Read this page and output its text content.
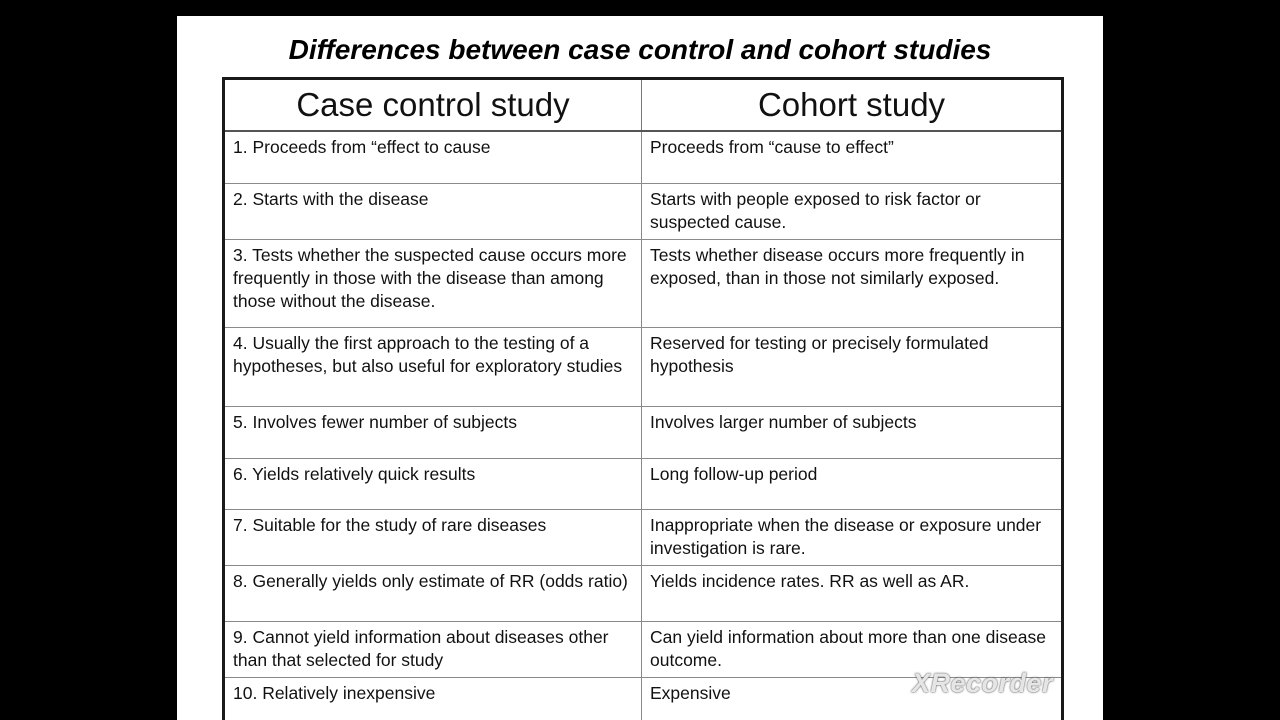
Differences between case control and cohort studies
Case control study	Cohort study
1. Proceeds from “effect to cause	Proceeds from “cause to effect”
2. Starts with the disease	Starts with people exposed to risk factor or suspected cause.
3. Tests whether the suspected cause occurs more frequently in those with the disease than among those without the disease.	Tests whether disease occurs more frequently in exposed, than in those not similarly exposed.
4. Usually the first approach to the testing of a hypotheses, but also useful for exploratory studies	Reserved for testing or precisely formulated hypothesis
5. Involves fewer number of subjects	Involves larger number of subjects
6. Yields relatively quick results	Long follow-up period
7. Suitable for the study of rare diseases	Inappropriate when the disease or exposure under investigation is rare.
8. Generally yields only estimate of RR (odds ratio)	Yields incidence rates. RR as well as AR.
9. Cannot yield information about diseases other than that selected for study	Can yield information about more than one disease outcome.
10. Relatively inexpensive	Expensive	XRecorder
